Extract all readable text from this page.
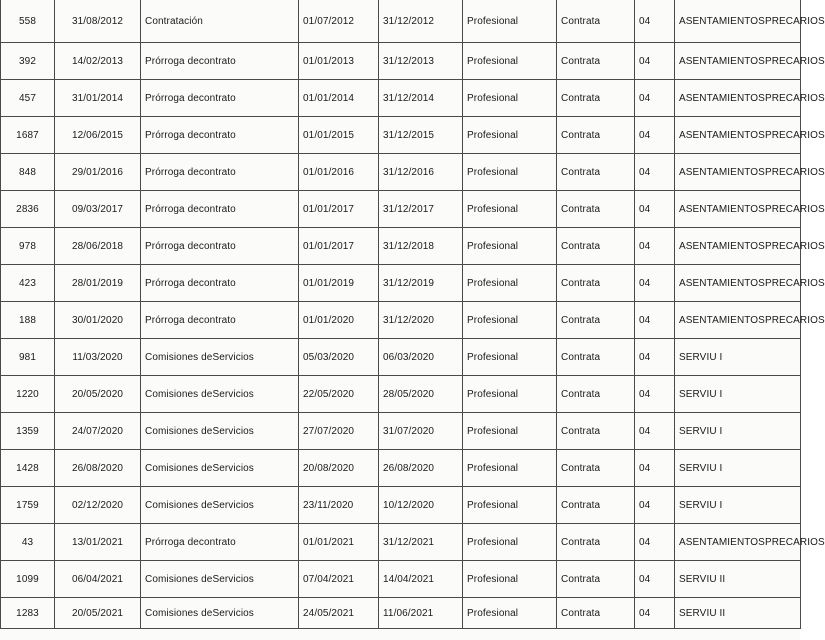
558	31/08/2012	Contratación	01/07/2012	31/12/2012	Profesional	Contrata	04	ASENTAMIENTOSPRECARIOS
392	14/02/2013	Prórroga decontrato	01/01/2013	31/12/2013	Profesional	Contrata	04	ASENTAMIENTOSPRECARIOS
457	31/01/2014	Prórroga decontrato	01/01/2014	31/12/2014	Profesional	Contrata	04	ASENTAMIENTOSPRECARIOS
1687	12/06/2015	Prórroga decontrato	01/01/2015	31/12/2015	Profesional	Contrata	04	ASENTAMIENTOSPRECARIOS
848	29/01/2016	Prórroga decontrato	01/01/2016	31/12/2016	Profesional	Contrata	04	ASENTAMIENTOSPRECARIOS
2836	09/03/2017	Prórroga decontrato	01/01/2017	31/12/2017	Profesional	Contrata	04	ASENTAMIENTOSPRECARIOS
978	28/06/2018	Prórroga decontrato	01/01/2017	31/12/2018	Profesional	Contrata	04	ASENTAMIENTOSPRECARIOS
423	28/01/2019	Prórroga decontrato	01/01/2019	31/12/2019	Profesional	Contrata	04	ASENTAMIENTOSPRECARIOS
188	30/01/2020	Prórroga decontrato	01/01/2020	31/12/2020	Profesional	Contrata	04	ASENTAMIENTOSPRECARIOS
981	11/03/2020	Comisiones deServicios	05/03/2020	06/03/2020	Profesional	Contrata	04	SERVIU I
1220	20/05/2020	Comisiones deServicios	22/05/2020	28/05/2020	Profesional	Contrata	04	SERVIU I
1359	24/07/2020	Comisiones deServicios	27/07/2020	31/07/2020	Profesional	Contrata	04	SERVIU I
1428	26/08/2020	Comisiones deServicios	20/08/2020	26/08/2020	Profesional	Contrata	04	SERVIU I
1759	02/12/2020	Comisiones deServicios	23/11/2020	10/12/2020	Profesional	Contrata	04	SERVIU I
43	13/01/2021	Prórroga decontrato	01/01/2021	31/12/2021	Profesional	Contrata	04	ASENTAMIENTOSPRECARIOS
1099	06/04/2021	Comisiones deServicios	07/04/2021	14/04/2021	Profesional	Contrata	04	SERVIU II
1283	20/05/2021	Comisiones deServicios	24/05/2021	11/06/2021	Profesional	Contrata	04	SERVIU II
